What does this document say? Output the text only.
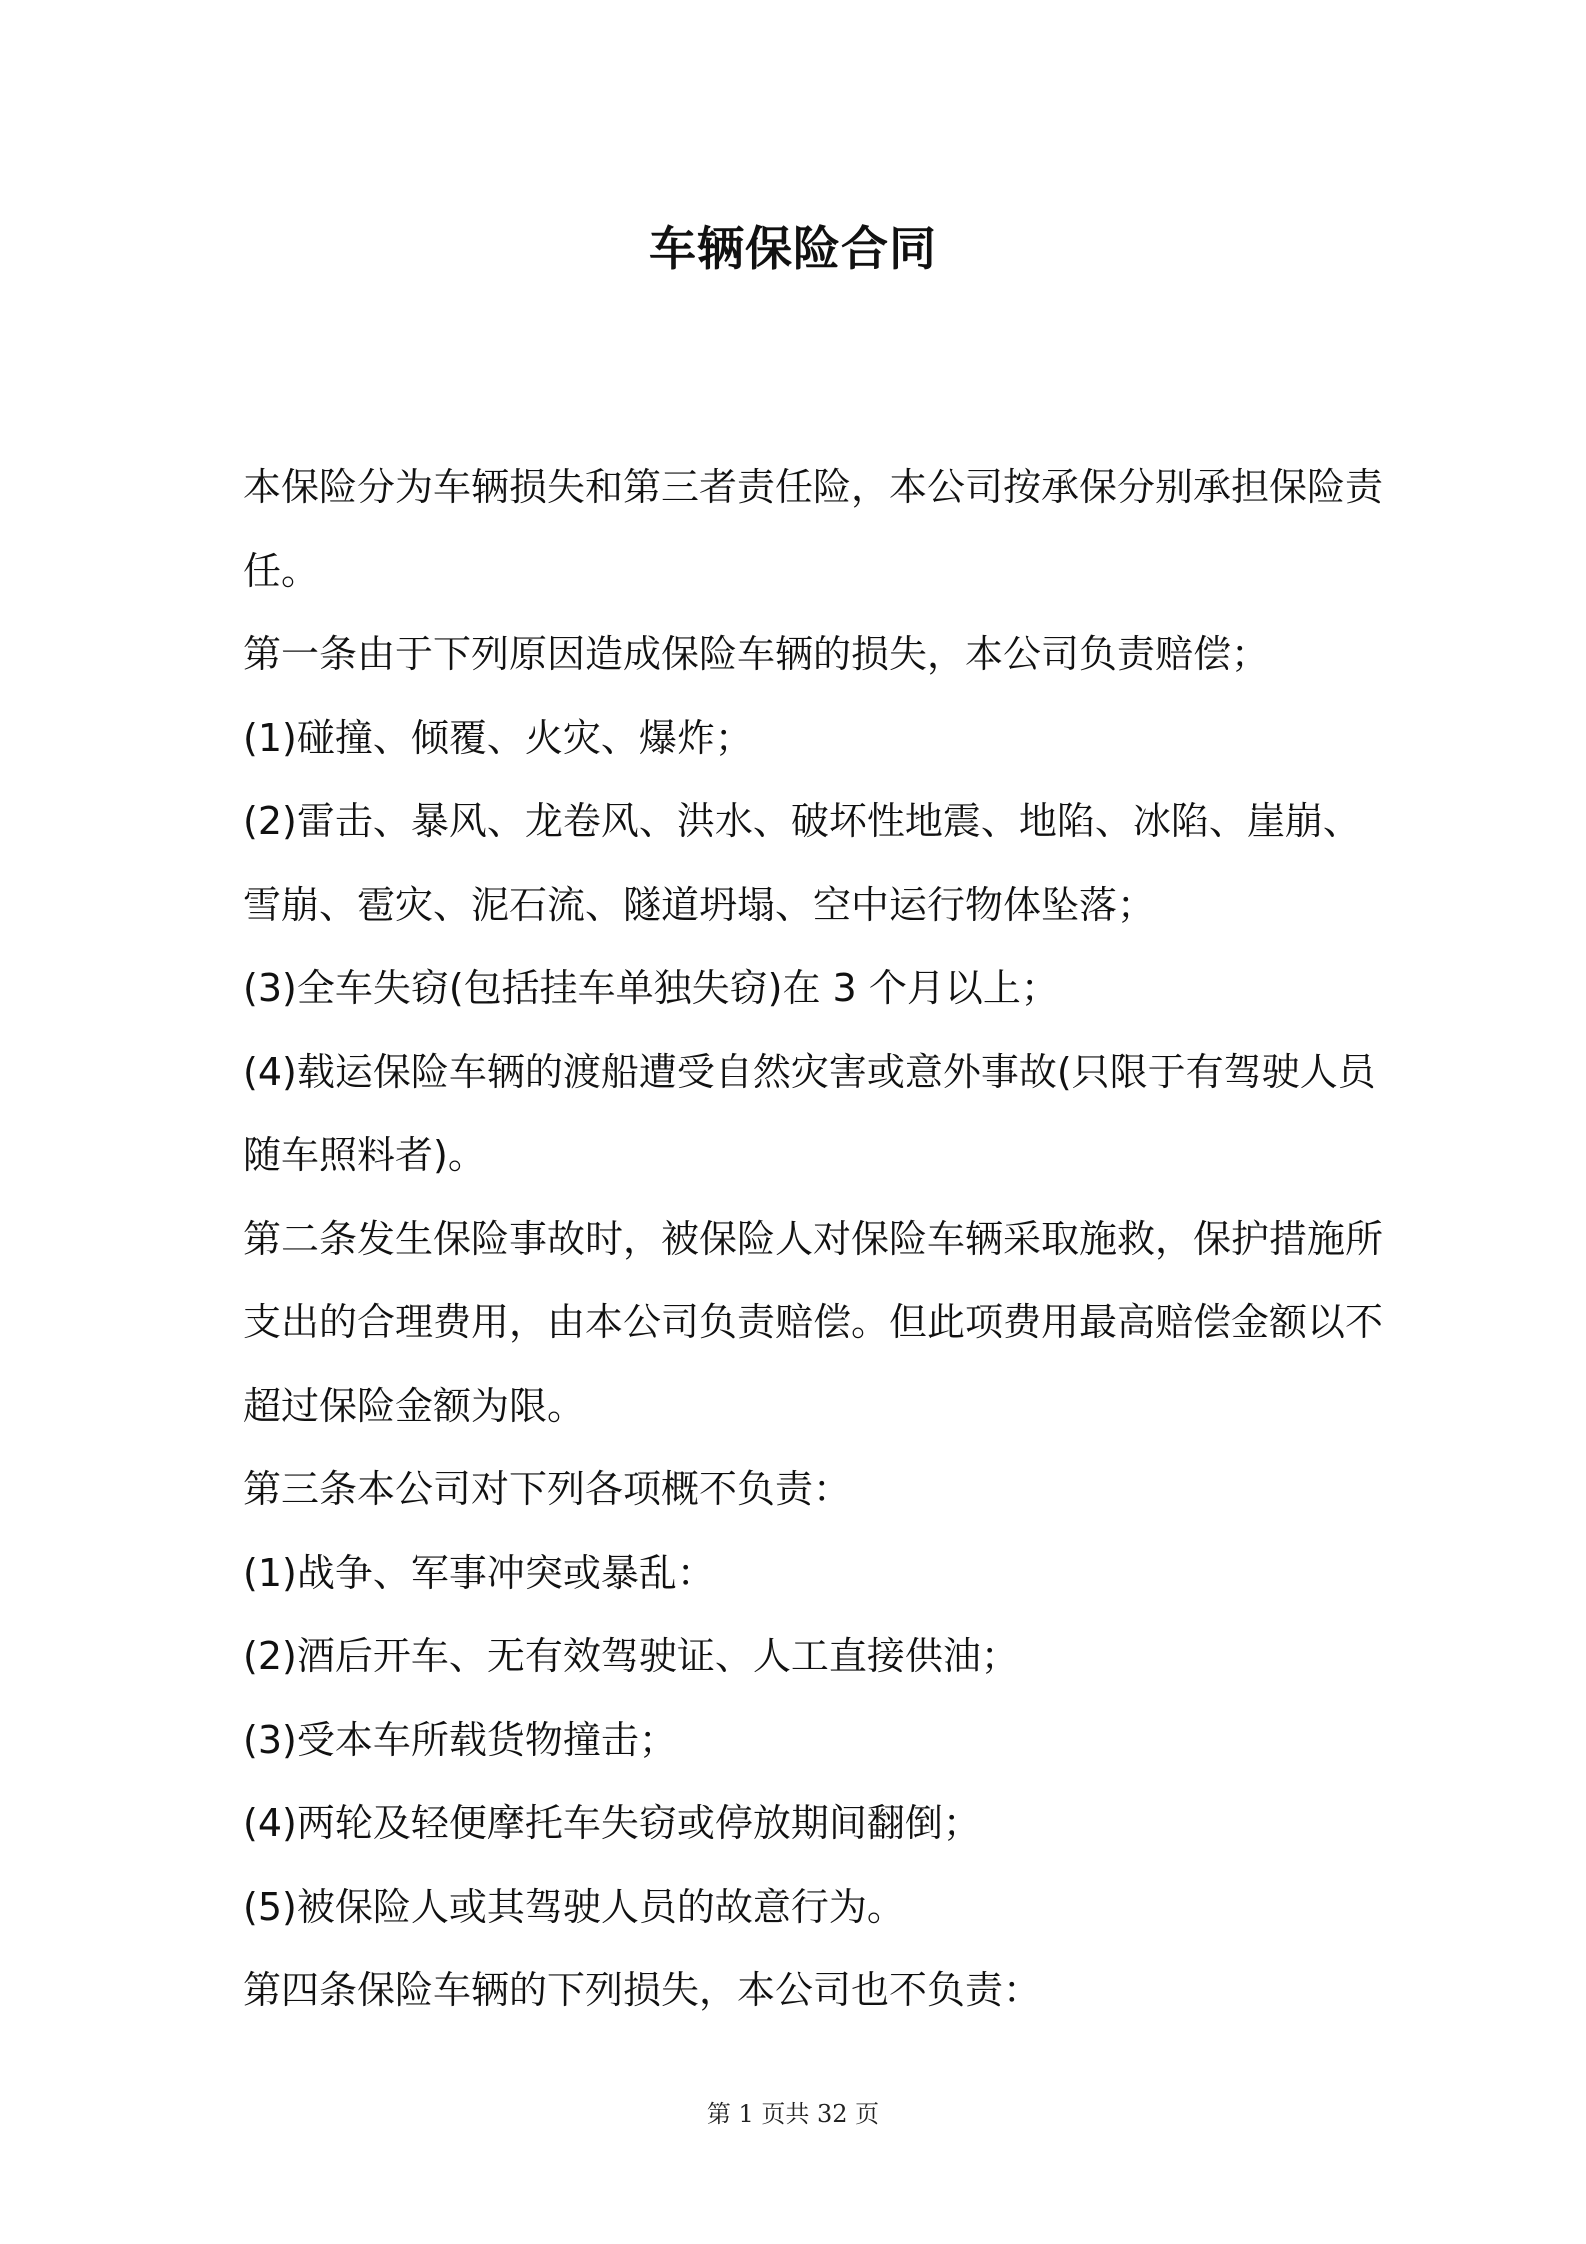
车辆保险合同

本保险分为车辆损失和第三者责任险，本公司按承保分别承担保险责

任。

第一条由于下列原因造成保险车辆的损失，本公司负责赔偿；

(1)碰撞、倾覆、火灾、爆炸；

(2)雷击、暴风、龙卷风、洪水、破坏性地震、地陷、冰陷、崖崩、

雪崩、雹灾、泥石流、隧道坍塌、空中运行物体坠落；

(3)全车失窃(包括挂车单独失窃)在 3 个月以上；

(4)载运保险车辆的渡船遭受自然灾害或意外事故(只限于有驾驶人员

随车照料者)。

第二条发生保险事故时，被保险人对保险车辆采取施救，保护措施所

支出的合理费用，由本公司负责赔偿。但此项费用最高赔偿金额以不

超过保险金额为限。

第三条本公司对下列各项概不负责：

(1)战争、军事冲突或暴乱：

(2)酒后开车、无有效驾驶证、人工直接供油；

(3)受本车所载货物撞击；

(4)两轮及轻便摩托车失窃或停放期间翻倒；

(5)被保险人或其驾驶人员的故意行为。

第四条保险车辆的下列损失，本公司也不负责：

第 1 页共 32 页
